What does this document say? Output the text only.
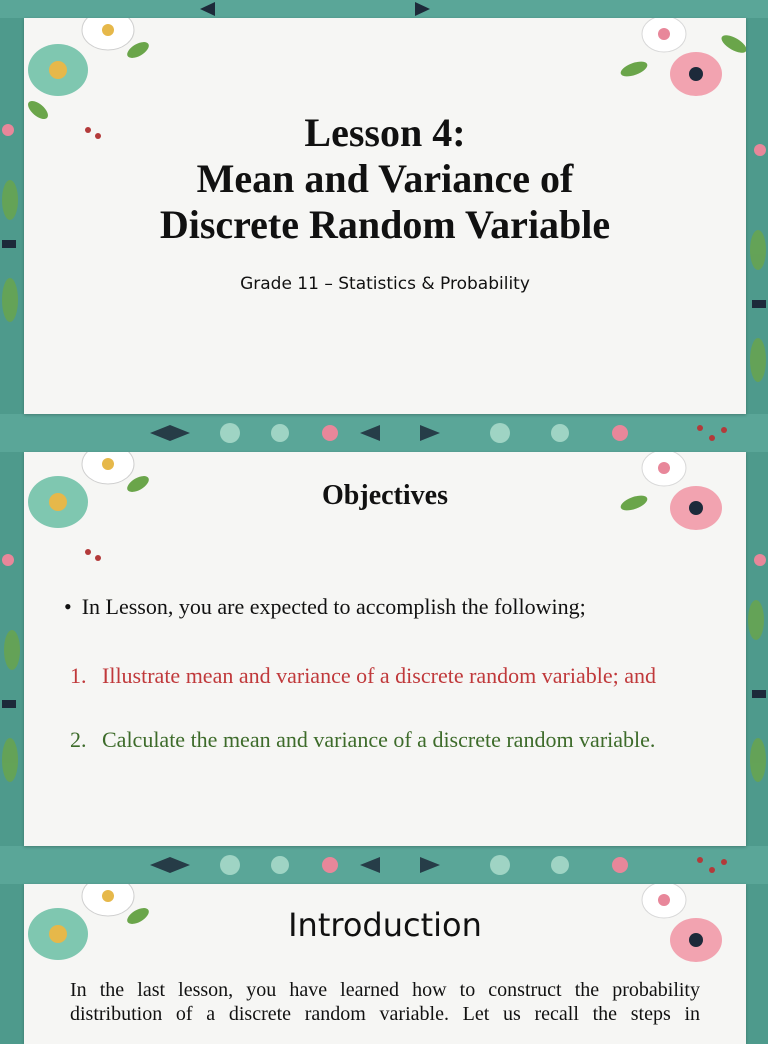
Lesson 4:
Mean and Variance of
Discrete Random Variable
Grade 11 – Statistics & Probability
Objectives
• In Lesson, you are expected to accomplish the following;
1. Illustrate mean and variance of a discrete random variable; and
2. Calculate the mean and variance of a discrete random variable.
Introduction
In the last lesson, you have learned how to construct the probability distribution of a discrete random variable. Let us recall the steps in
